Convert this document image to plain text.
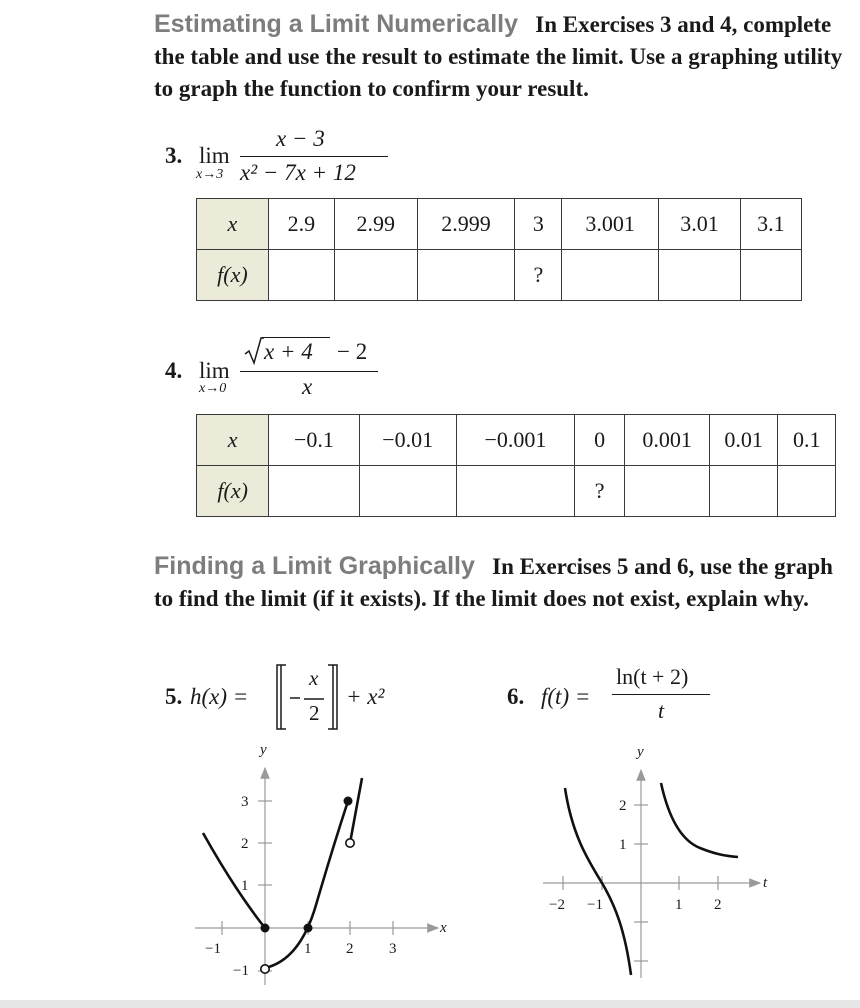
Estimating a Limit Numerically In Exercises 3 and 4, complete the table and use the result to estimate the limit. Use a graphing utility to graph the function to confirm your result.
3. lim
x→3
x − 3
x² − 7x + 12
x	2.9	2.99	2.999	3	3.001	3.01	3.1
f(x)				?			
4. lim
x→0
x + 4 − 2
x
x	−0.1	−0.01	−0.001	0	0.001	0.01	0.1
f(x)				?			
Finding a Limit Graphically In Exercises 5 and 6, use the graph to find the limit (if it exists). If the limit does not exist, explain why.
5. h(x) =
x
2
+ x²
x
y
−1	1 2 3
−1
1
2
3
6. f(t) =
ln(t + 2)
t
t
y
−2 −1	1 2
1
2
